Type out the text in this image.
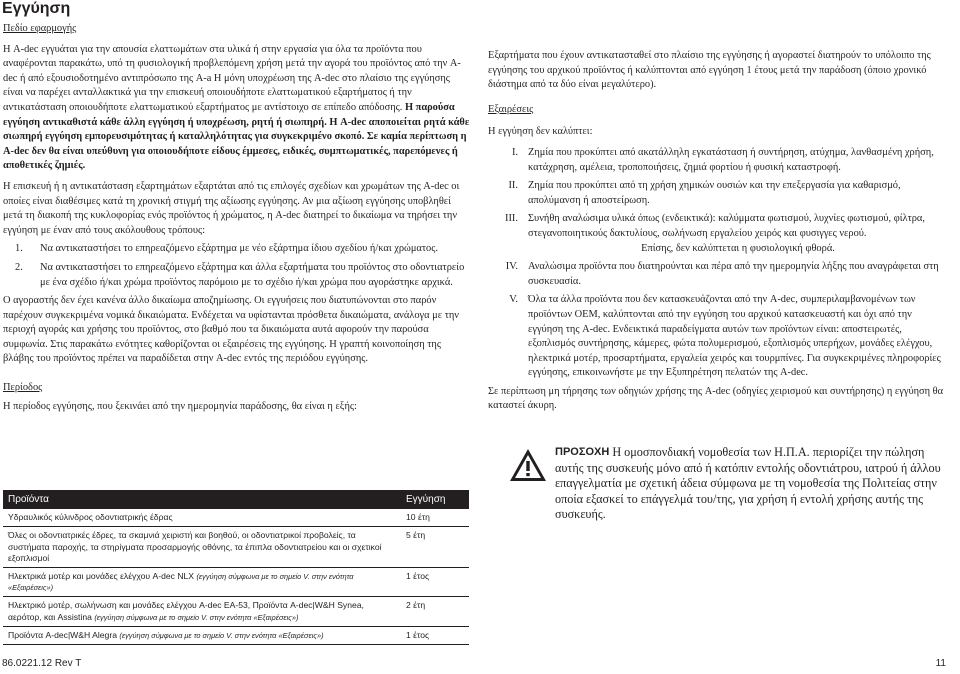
Εγγύηση

Πεδίο εφαρμογής

Η A-dec εγγυάται για την απουσία ελαττωμάτων στα υλικά ή στην εργασία για όλα τα προϊόντα που αναφέρονται παρακάτω, υπό τη φυσιολογική προβλεπόμενη χρήση μετά την αγορά του προϊόντος από την A-dec ή από εξουσιοδοτημένο αντιπρόσωπο της A-a Η μόνη υποχρέωση της A-dec στο πλαίσιο της εγγύησης είναι να παρέχει ανταλλακτικά για την επισκευή οποιουδήποτε ελαττωματικού εξαρτήματος ή την αντικατάσταση οποιουδήποτε ελαττωματικού εξαρτήματος με αντίστοιχο σε επίπεδο απόδοσης. Η παρούσα εγγύηση αντικαθιστά κάθε άλλη εγγύηση ή υποχρέωση, ρητή ή σιωπηρή. Η A-dec αποποιείται ρητά κάθε σιωπηρή εγγύηση εμπορευσιμότητας ή καταλληλότητας για συγκεκριμένο σκοπό. Σε καμία περίπτωση η A-dec δεν θα είναι υπεύθυνη για οποιουδήποτε είδους έμμεσες, ειδικές, συμπτωματικές, παρεπόμενες ή αποθετικές ζημιές.

Η επισκευή ή η αντικατάσταση εξαρτημάτων εξαρτάται από τις επιλογές σχεδίων και χρωμάτων της A-dec οι οποίες είναι διαθέσιμες κατά τη χρονική στιγμή της αξίωσης εγγύησης. Αν μια αξίωση εγγύησης υποβληθεί μετά τη διακοπή της κυκλοφορίας ενός προϊόντος ή χρώματος, η A-dec διατηρεί το δικαίωμα να τηρήσει την εγγύηση με έναν από τους ακόλουθους τρόπους:

1.	Να αντικαταστήσει το επηρεαζόμενο εξάρτημα με νέο εξάρτημα ίδιου σχεδίου ή/και χρώματος.
2.	Να αντικαταστήσει το επηρεαζόμενο εξάρτημα και άλλα εξαρτήματα του προϊόντος στο οδοντιατρείο με ένα σχέδιο ή/και χρώμα προϊόντος παρόμοιο με το σχέδιο ή/και χρώμα που αγοράστηκε αρχικά.

Ο αγοραστής δεν έχει κανένα άλλο δικαίωμα αποζημίωσης. Οι εγγυήσεις που διατυπώνονται στο παρόν παρέχουν συγκεκριμένα νομικά δικαιώματα. Ενδέχεται να υφίστανται πρόσθετα δικαιώματα, ανάλογα με την περιοχή αγοράς και χρήσης του προϊόντος, στο βαθμό που τα δικαιώματα αυτά αφορούν την παρούσα συμφωνία. Στις παρακάτω ενότητες καθορίζονται οι εξαιρέσεις της εγγύησης. Η γραπτή κοινοποίηση της βλάβης του προϊόντος πρέπει να παραδίδεται στην A-dec εντός της περιόδου εγγύησης.

Περίοδος

Η περίοδος εγγύησης, που ξεκινάει από την ημερομηνία παράδοσης, θα είναι η εξής:

Προϊόντα	Εγγύηση
Υδραυλικός κύλινδρος οδοντιατρικής έδρας	10 έτη
Όλες οι οδοντιατρικές έδρες, τα σκαμνιά χειριστή και βοηθού, οι οδοντιατρικοί προβολείς, τα συστήματα παροχής, τα στηρίγματα προσαρμογής οθόνης, τα έπιπλα οδοντιατρείου και οι σχετικοί εξοπλισμοί	5 έτη
Ηλεκτρικά μοτέρ και μονάδες ελέγχου A-dec NLX (εγγύηση σύμφωνα με το σημείο V. στην ενότητα «Εξαιρέσεις»)	1 έτος
Ηλεκτρικό μοτέρ, σωλήνωση και μονάδες ελέγχου A-dec EA-53, Προϊόντα A-dec|W&H Synea, αερότορ, και Assistina (εγγύηση σύμφωνα με το σημείο V. στην ενότητα «Εξαιρέσεις»)	2 έτη
Προϊόντα A-dec|W&H Alegra (εγγύηση σύμφωνα με το σημείο V. στην ενότητα «Εξαιρέσεις»)	1 έτος

Εξαρτήματα που έχουν αντικατασταθεί στο πλαίσιο της εγγύησης ή αγοραστεί διατηρούν το υπόλοιπο της εγγύησης του αρχικού προϊόντος ή καλύπτονται από εγγύηση 1 έτους μετά την παράδοση (όποιο χρονικό διάστημα από τα δύο είναι μεγαλύτερο).

Εξαιρέσεις

Η εγγύηση δεν καλύπτει:

I. Ζημία που προκύπτει από ακατάλληλη εγκατάσταση ή συντήρηση, ατύχημα, λανθασμένη χρήση, κατάχρηση, αμέλεια, τροποποιήσεις, ζημιά φορτίου ή φυσική καταστροφή.
II. Ζημία που προκύπτει από τη χρήση χημικών ουσιών και την επεξεργασία για καθαρισμό, απολύμανση ή αποστείρωση.
III. Συνήθη αναλώσιμα υλικά όπως (ενδεικτικά): καλύμματα φωτισμού, λυχνίες φωτισμού, φίλτρα, στεγανοποιητικούς δακτυλίους, σωλήνωση εργαλείου χειρός και φυσιγγες νερού.
Επίσης, δεν καλύπτεται η φυσιολογική φθορά.
IV. Αναλώσιμα προϊόντα που διατηρούνται και πέρα από την ημερομηνία λήξης που αναγράφεται στη συσκευασία.
V. Όλα τα άλλα προϊόντα που δεν κατασκευάζονται από την A-dec, συμπεριλαμβανομένων των προϊόντων OEM, καλύπτονται από την εγγύηση του αρχικού κατασκευαστή και όχι από την εγγύηση της A-dec. Ενδεικτικά παραδείγματα αυτών των προϊόντων είναι: αποστειρωτές, εξοπλισμός συντήρησης, κάμερες, φώτα πολυμερισμού, εξοπλισμός υπερήχων, μονάδες ελέγχου, ηλεκτρικά μοτέρ, προσαρτήματα, εργαλεία χειρός και τουρμπίνες. Για συγκεκριμένες πληροφορίες εγγύησης, επικοινωνήστε με την Εξυπηρέτηση πελατών της A-dec.

Σε περίπτωση μη τήρησης των οδηγιών χρήσης της A-dec (οδηγίες χειρισμού και συντήρησης) η εγγύηση θα καταστεί άκυρη.

ΠΡΟΣΟΧΗ Η ομοσπονδιακή νομοθεσία των Η.Π.Α. περιορίζει την πώληση αυτής της συσκευής μόνο από ή κατόπιν εντολής οδοντιάτρου, ιατρού ή άλλου επαγγελματία με σχετική άδεια σύμφωνα με τη νομοθεσία της Πολιτείας στην οποία εξασκεί το επάγγελμά του/της, για χρήση ή εντολή χρήσης αυτής της συσκευής.
86.0221.12 Rev T	11
